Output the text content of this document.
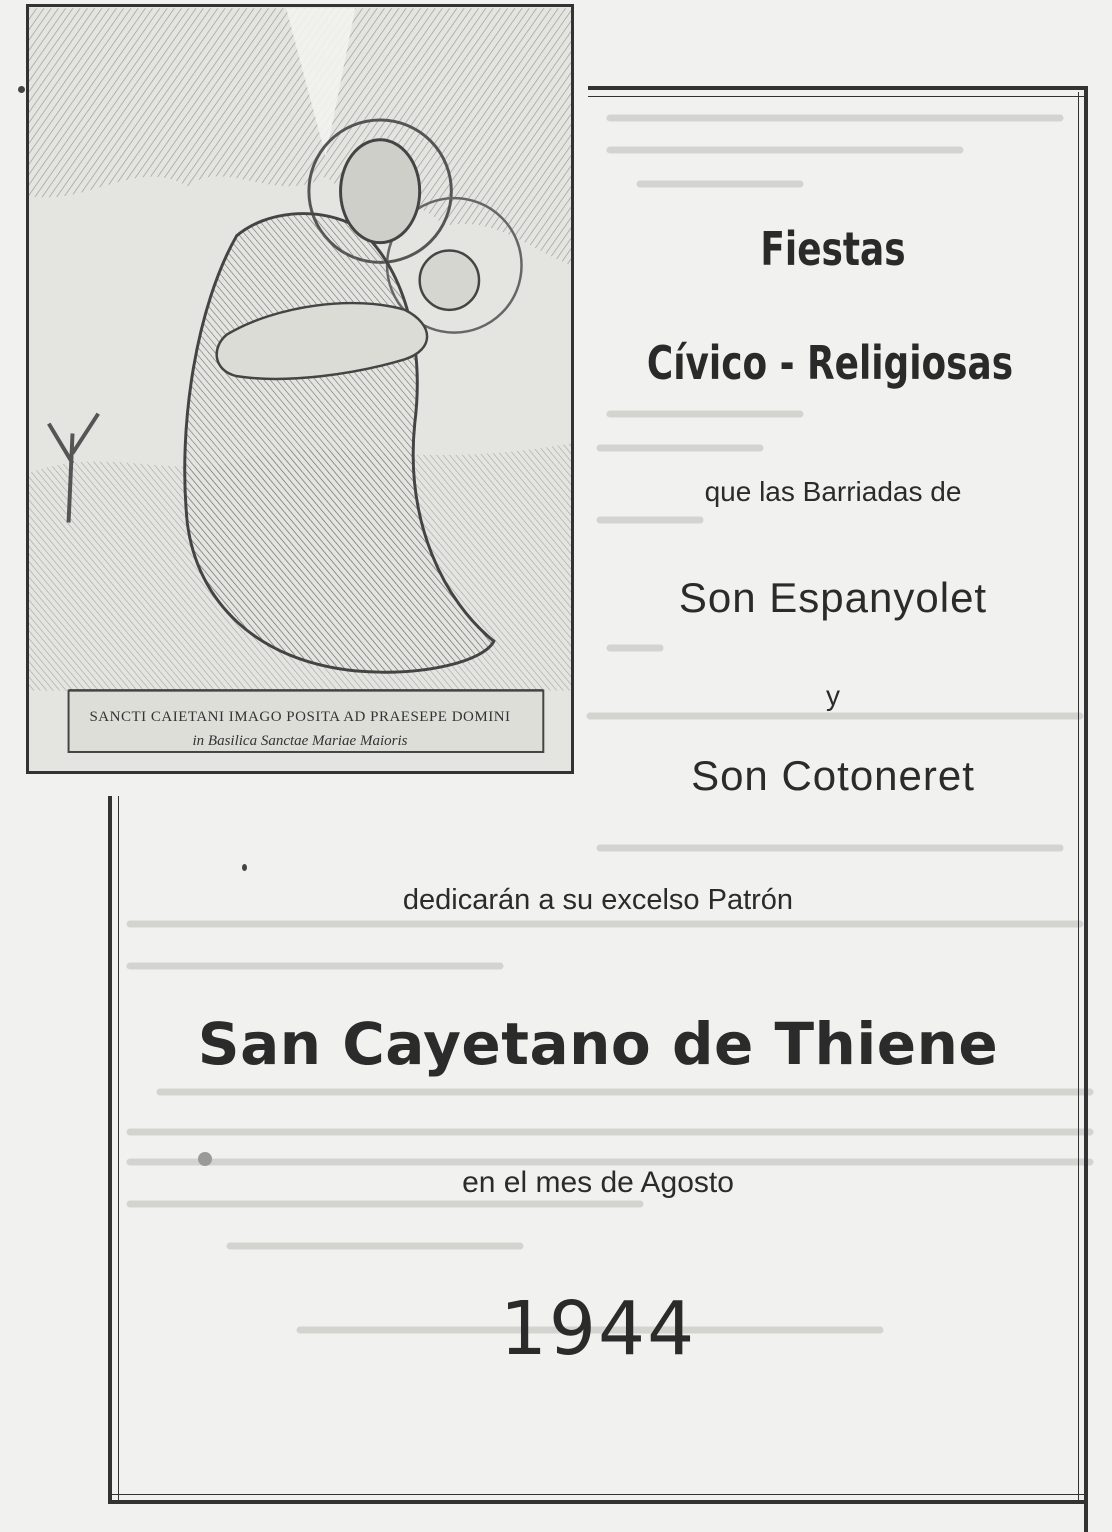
SANCTI CAIETANI IMAGO POSITA AD PRAESEPE DOMINI
in Basilica Sanctae Mariae Maioris
Fiestas
Cívico - Religiosas
que las Barriadas de
Son Espanyolet
y
Son Cotoneret
dedicarán a su excelso Patrón
San Cayetano de Thiene
en el mes de Agosto
1944
